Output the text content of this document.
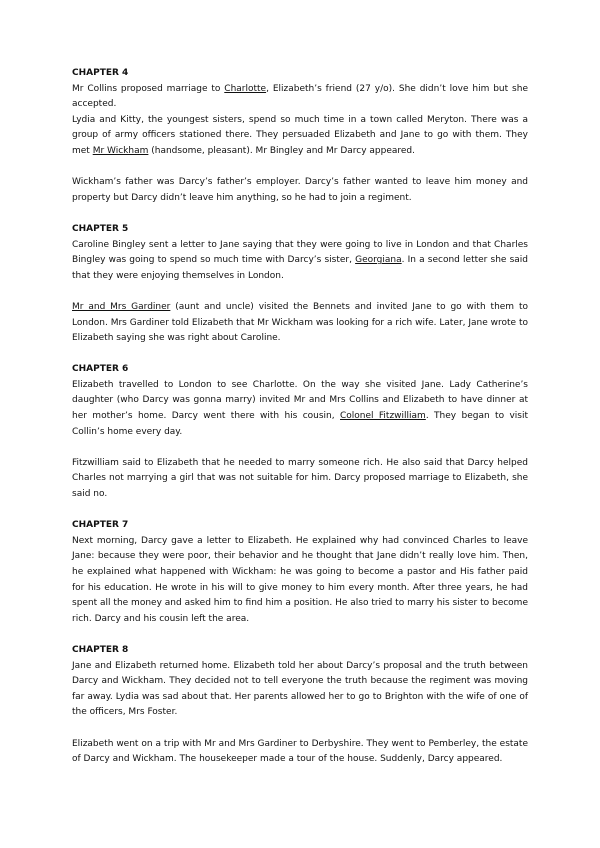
CHAPTER 4

Mr Collins proposed marriage to Charlotte, Elizabeth’s friend (27 y/o). She didn’t love him but she accepted.

Lydia and Kitty, the youngest sisters, spend so much time in a town called Meryton. There was a group of army officers stationed there. They persuaded Elizabeth and Jane to go with them. They met Mr Wickham (handsome, pleasant). Mr Bingley and Mr Darcy appeared.

Wickham’s father was Darcy’s father’s employer. Darcy’s father wanted to leave him money and property but Darcy didn’t leave him anything, so he had to join a regiment.

CHAPTER 5

Caroline Bingley sent a letter to Jane saying that they were going to live in London and that Charles Bingley was going to spend so much time with Darcy’s sister, Georgiana. In a second letter she said that they were enjoying themselves in London.

Mr and Mrs Gardiner (aunt and uncle) visited the Bennets and invited Jane to go with them to London. Mrs Gardiner told Elizabeth that Mr Wickham was looking for a rich wife. Later, Jane wrote to Elizabeth saying she was right about Caroline.

CHAPTER 6

Elizabeth travelled to London to see Charlotte. On the way she visited Jane. Lady Catherine’s daughter (who Darcy was gonna marry) invited Mr and Mrs Collins and Elizabeth to have dinner at her mother’s home. Darcy went there with his cousin, Colonel Fitzwilliam. They began to visit Collin’s home every day.

Fitzwilliam said to Elizabeth that he needed to marry someone rich. He also said that Darcy helped Charles not marrying a girl that was not suitable for him. Darcy proposed marriage to Elizabeth, she said no.

CHAPTER 7

Next morning, Darcy gave a letter to Elizabeth. He explained why had convinced Charles to leave Jane: because they were poor, their behavior and he thought that Jane didn’t really love him. Then, he explained what happened with Wickham: he was going to become a pastor and His father paid for his education. He wrote in his will to give money to him every month. After three years, he had spent all the money and asked him to find him a position. He also tried to marry his sister to become rich. Darcy and his cousin left the area.

CHAPTER 8

Jane and Elizabeth returned home. Elizabeth told her about Darcy’s proposal and the truth between Darcy and Wickham. They decided not to tell everyone the truth because the regiment was moving far away. Lydia was sad about that. Her parents allowed her to go to Brighton with the wife of one of the officers, Mrs Foster.

Elizabeth went on a trip with Mr and Mrs Gardiner to Derbyshire. They went to Pemberley, the estate of Darcy and Wickham. The housekeeper made a tour of the house. Suddenly, Darcy appeared.
